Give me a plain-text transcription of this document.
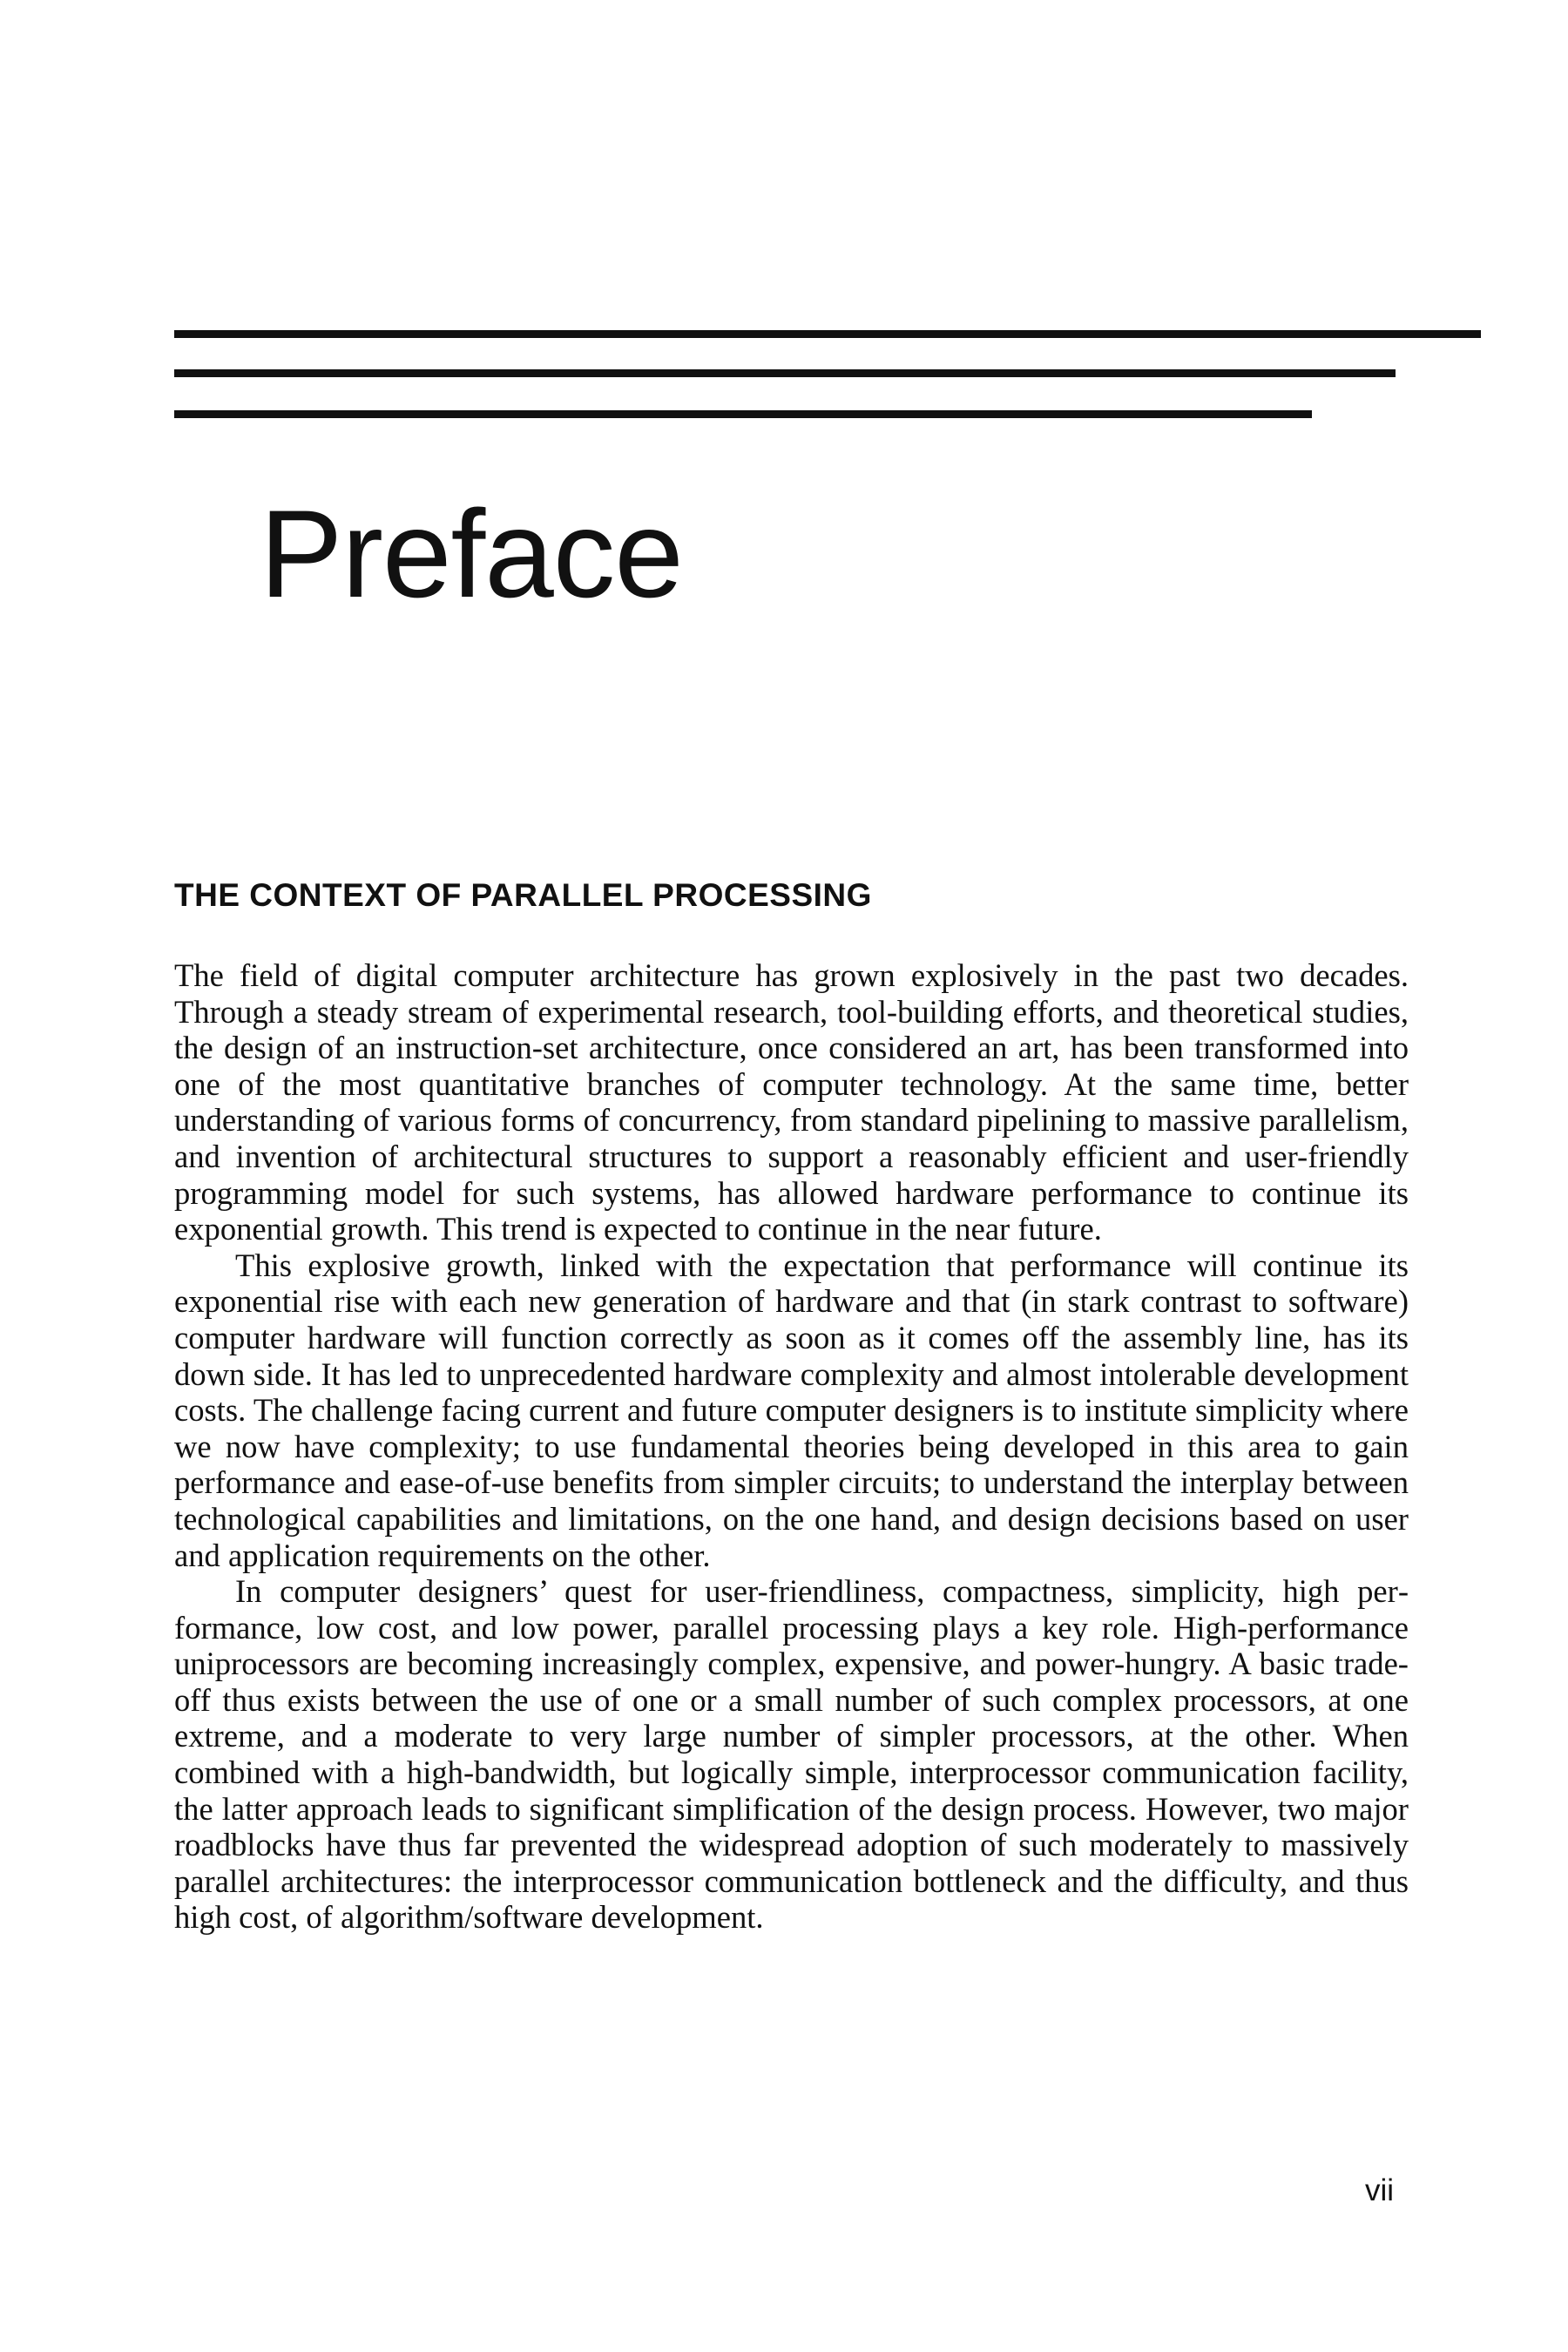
Preface
THE CONTEXT OF PARALLEL PROCESSING

The field of digital computer architecture has grown explosively in the past two decades. Through a steady stream of experimental research, tool-building efforts, and theoretical studies, the design of an instruction-set architecture, once considered an art, has been transformed into one of the most quantitative branches of computer technology. At the same time, better understanding of various forms of concurrency, from standard pipelining to massive parallelism, and invention of architectural structures to support a reasonably efficient and user-friendly programming model for such systems, has allowed hardware performance to continue its exponential growth. This trend is expected to continue in the near future.

This explosive growth, linked with the expectation that performance will continue its exponential rise with each new generation of hardware and that (in stark contrast to software) computer hardware will function correctly as soon as it comes off the assembly line, has its down side. It has led to unprecedented hardware complexity and almost intolerable development costs. The challenge facing current and future computer designers is to institute simplicity where we now have complexity; to use fundamental theories being developed in this area to gain performance and ease-of-use benefits from simpler circuits; to understand the interplay between technological capabilities and limitations, on the one hand, and design decisions based on user and application requirements on the other.

In computer designers’ quest for user-friendliness, compactness, simplicity, high performance, low cost, and low power, parallel processing plays a key role. High-performance uniprocessors are becoming increasingly complex, expensive, and power-hungry. A basic trade-off thus exists between the use of one or a small number of such complex processors, at one extreme, and a moderate to very large number of simpler processors, at the other. When combined with a high-bandwidth, but logically simple, interprocessor communication facility, the latter approach leads to significant simplification of the design process. However, two major roadblocks have thus far prevented the widespread adoption of such moderately to massively parallel architectures: the interprocessor communication bottleneck and the difficulty, and thus high cost, of algorithm/software development.

vii
